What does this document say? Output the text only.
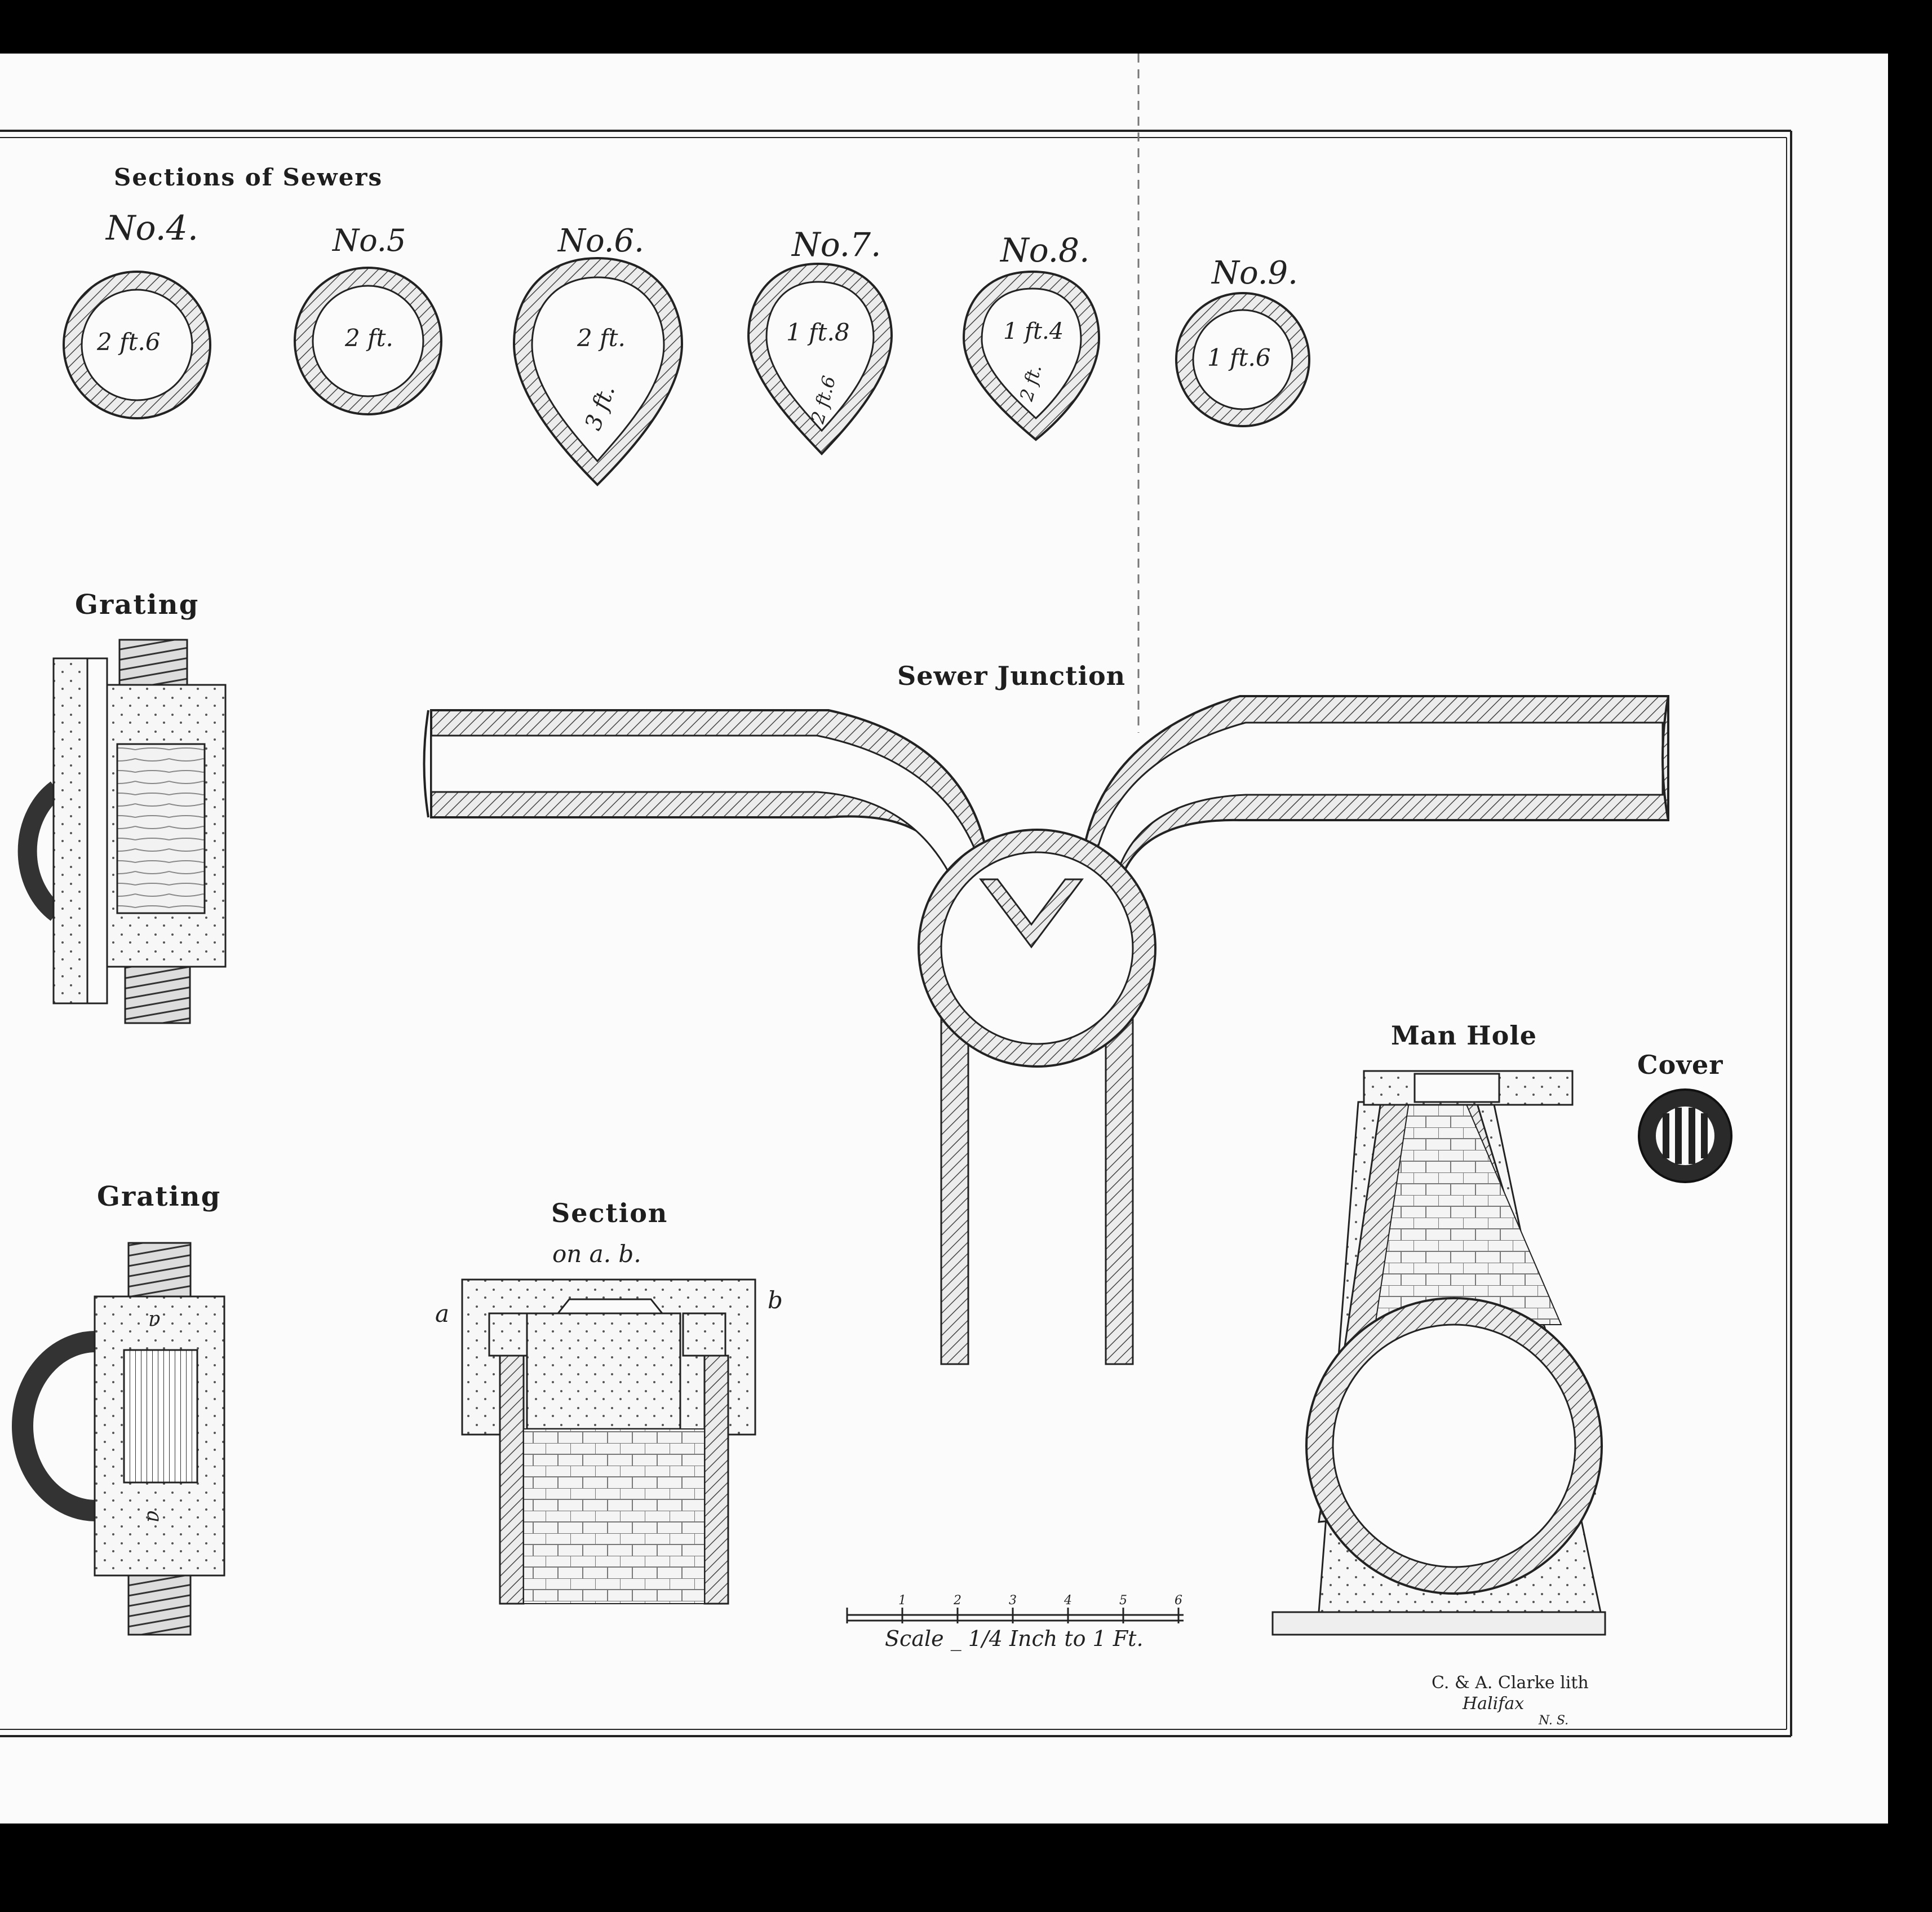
1	2	3	4	5	6
Sections of Sewers
Grating
Grating
Section
on a. b.
a	b
Sewer Junction
Man Hole
Cover
a
a
No.4.	No.5	No.6.	No.7.	No.8.
No.9.
2 ft.6	2 ft.	2 ft.
3 ft.
1 ft.8
2 ft.6
1 ft.4
2 ft.
1 ft.6
Scale _ 1/4 Inch to 1 Ft.
C. & A. Clarke lith
Halifax
N. S.
